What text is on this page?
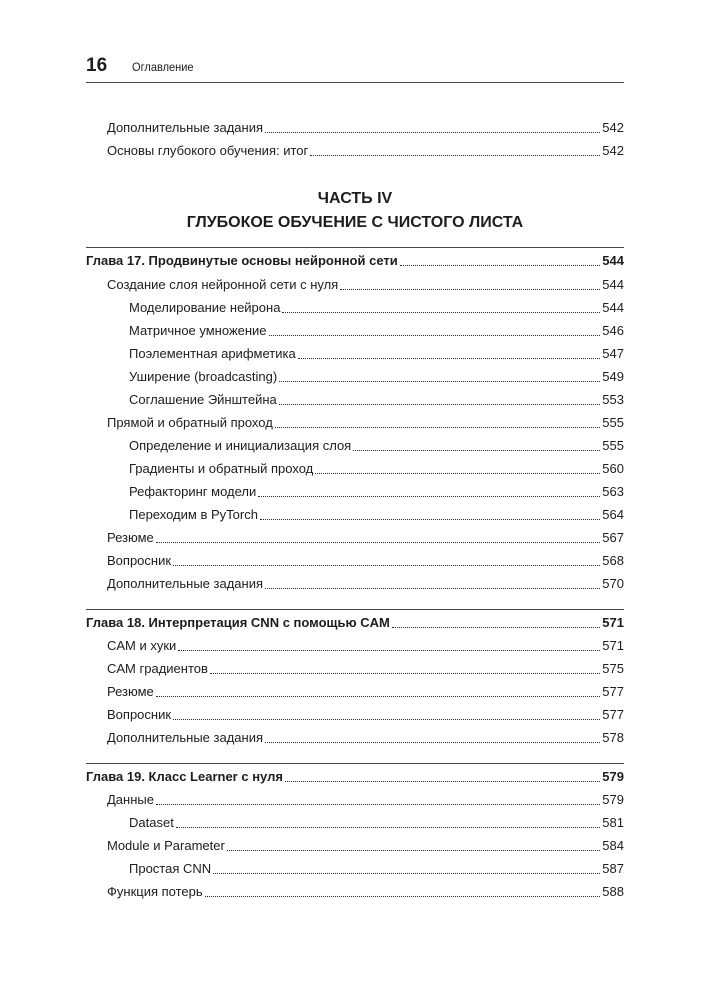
16 Оглавление
Дополнительные задания	542
Основы глубокого обучения: итог	542
ЧАСТЬ IV
ГЛУБОКОЕ ОБУЧЕНИЕ С ЧИСТОГО ЛИСТА
Глава 17. Продвинутые основы нейронной сети	544
Создание слоя нейронной сети с нуля	544
Моделирование нейрона	544
Матричное умножение	546
Поэлементная арифметика	547
Уширение (broadcasting)	549
Соглашение Эйнштейна	553
Прямой и обратный проход	555
Определение и инициализация слоя	555
Градиенты и обратный проход	560
Рефакторинг модели	563
Переходим в PyTorch	564
Резюме	567
Вопросник	568
Дополнительные задания	570
Глава 18. Интерпретация CNN с помощью CAM	571
CAM и хуки	571
CAM градиентов	575
Резюме	577
Вопросник	577
Дополнительные задания	578
Глава 19. Класс Learner с нуля	579
Данные	579
Dataset	581
Module и Parameter	584
Простая CNN	587
Функция потерь	588
